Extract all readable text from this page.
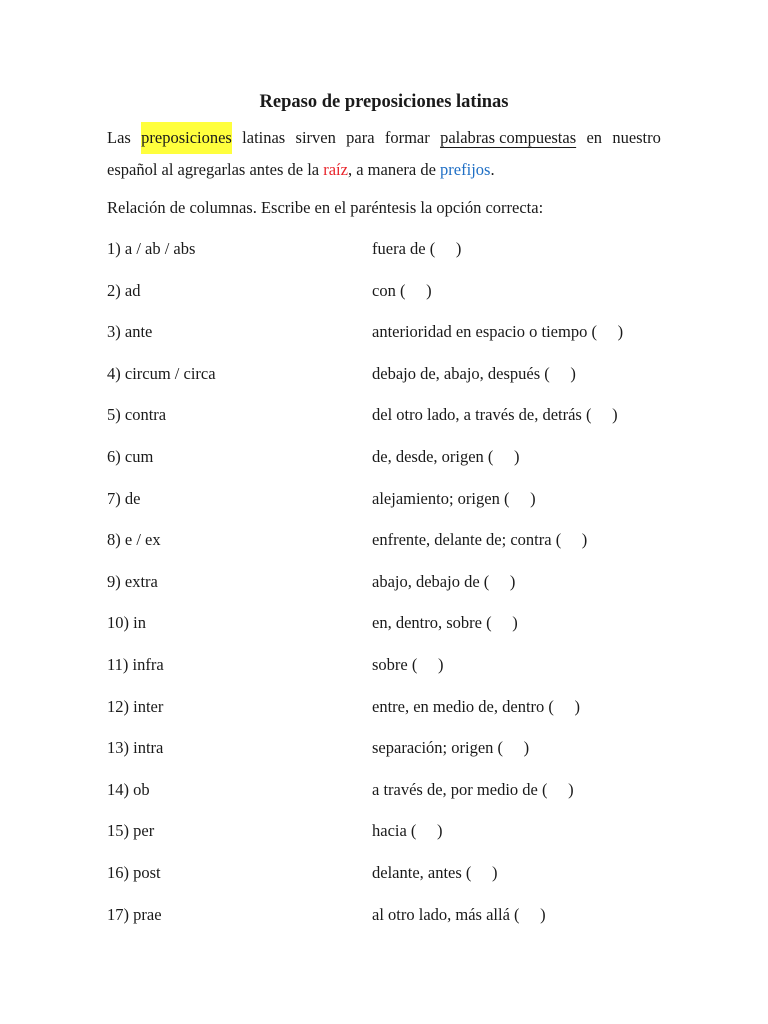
Repaso de preposiciones latinas
Las preposiciones latinas sirven para formar palabras compuestas en nuestro
español al agregarlas antes de la raíz, a manera de prefijos.
Relación de columnas. Escribe en el paréntesis la opción correcta:
1) a / ab / abs	fuera de (     )
2) ad	con (     )
3) ante	anterioridad en espacio o tiempo (     )
4) circum / circa	debajo de, abajo, después (     )
5) contra	del otro lado, a través de, detrás (     )
6) cum	de, desde, origen (     )
7) de	alejamiento; origen (     )
8) e / ex	enfrente, delante de; contra (     )
9) extra	abajo, debajo de (     )
10) in	en, dentro, sobre (     )
11) infra	sobre (     )
12) inter	entre, en medio de, dentro (     )
13) intra	separación; origen (     )
14) ob	a través de, por medio de (     )
15) per	hacia (     )
16) post	delante, antes (     )
17) prae	al otro lado, más allá (     )
